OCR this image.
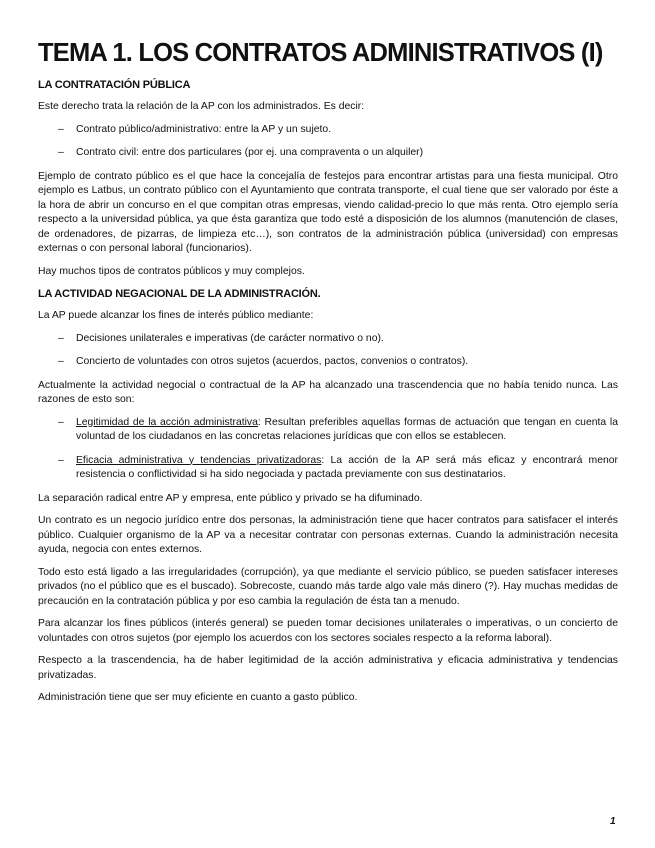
TEMA 1. LOS CONTRATOS ADMINISTRATIVOS (I)
LA CONTRATACIÓN PÚBLICA

Este derecho trata la relación de la AP con los administrados. Es decir:

– Contrato público/administrativo: entre la AP y un sujeto.
– Contrato civil: entre dos particulares (por ej. una compraventa o un alquiler)

Ejemplo de contrato público es el que hace la concejalía de festejos para encontrar artistas para una fiesta municipal. Otro ejemplo es Latbus, un contrato público con el Ayuntamiento que contrata transporte, el cual tiene que ser valorado por éste a la hora de abrir un concurso en el que compitan otras empresas, viendo calidad-precio lo que más renta. Otro ejemplo sería respecto a la universidad pública, ya que ésta garantiza que todo esté a disposición de los alumnos (manutención de clases, de ordenadores, de pizarras, de limpieza etc…), son contratos de la administración pública (universidad) con empresas externas o con personal laboral (funcionarios).

Hay muchos tipos de contratos públicos y muy complejos.

LA ACTIVIDAD NEGACIONAL DE LA ADMINISTRACIÓN.

La AP puede alcanzar los fines de interés público mediante:

– Decisiones unilaterales e imperativas (de carácter normativo o no).
– Concierto de voluntades con otros sujetos (acuerdos, pactos, convenios o contratos).

Actualmente la actividad negocial o contractual de la AP ha alcanzado una trascendencia que no había tenido nunca. Las razones de esto son:

– Legitimidad de la acción administrativa: Resultan preferibles aquellas formas de actuación que tengan en cuenta la voluntad de los ciudadanos en las concretas relaciones jurídicas que con ellos se establecen.
– Eficacia administrativa y tendencias privatizadoras: La acción de la AP será más eficaz y encontrará menor resistencia o conflictividad si ha sido negociada y pactada previamente con sus destinatarios.

La separación radical entre AP y empresa, ente público y privado se ha difuminado.

Un contrato es un negocio jurídico entre dos personas, la administración tiene que hacer contratos para satisfacer el interés público. Cualquier organismo de la AP va a necesitar contratar con personas externas. Cuando la administración necesita ayuda, negocia con entes externos.

Todo esto está ligado a las irregularidades (corrupción), ya que mediante el servicio público, se pueden satisfacer intereses privados (no el público que es el buscado). Sobrecoste, cuando más tarde algo vale más dinero (?). Hay muchas medidas de precaución en la contratación pública y por eso cambia la regulación de ésta tan a menudo.

Para alcanzar los fines públicos (interés general) se pueden tomar decisiones unilaterales o imperativas, o un concierto de voluntades con otros sujetos (por ejemplo los acuerdos con los sectores sociales respecto a la reforma laboral).

Respecto a la trascendencia, ha de haber legitimidad de la acción administrativa y eficacia administrativa y tendencias privatizadas.

Administración tiene que ser muy eficiente en cuanto a gasto público.

1
